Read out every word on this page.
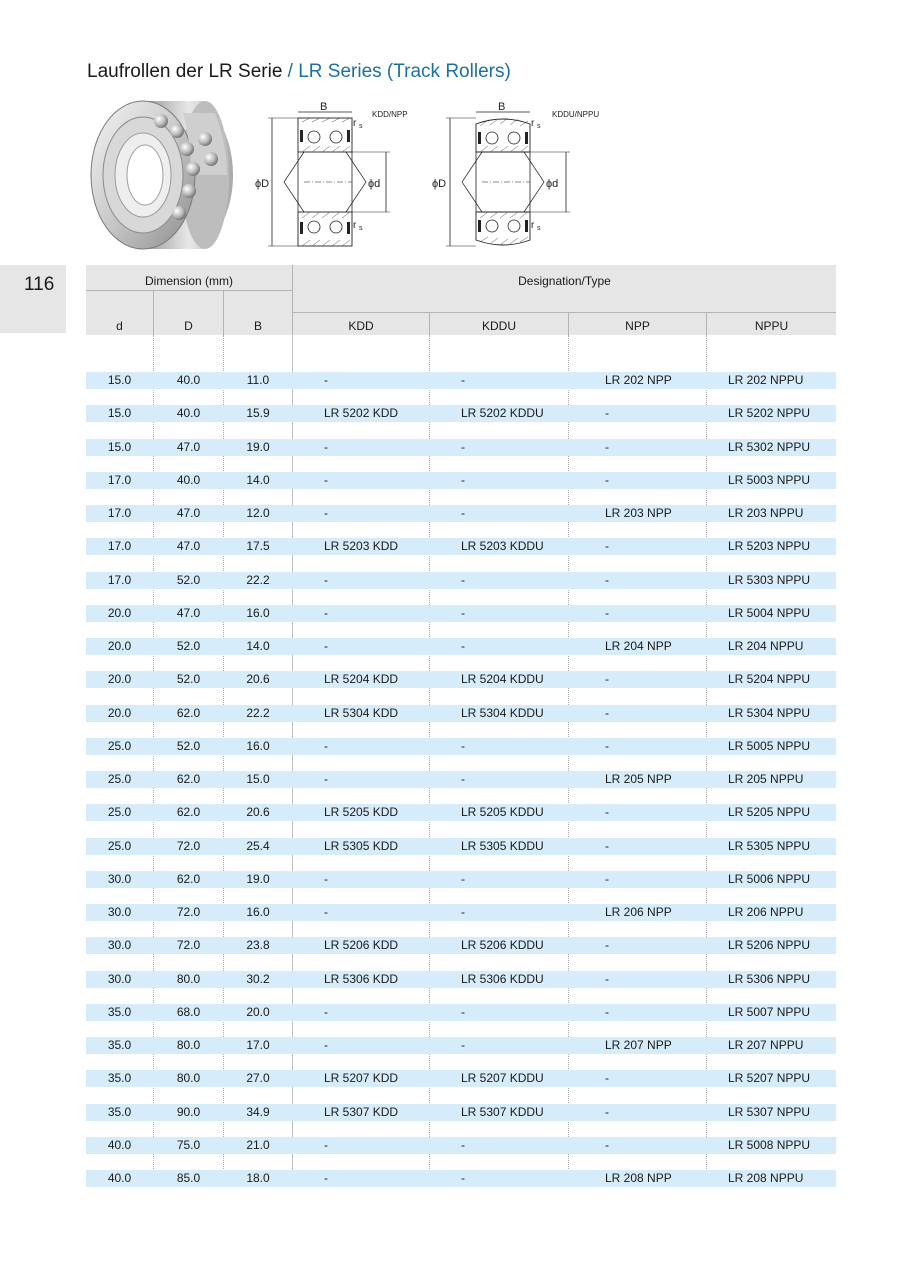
Laufrollen der LR Serie / LR Series (Track Rollers)
116
ϕD
B
r s
KDD/NPP
r s
ϕd	ϕD
B
r s
KDDU/NPPU
r s
ϕd
Dimension (mm)	Designation/Type
d	D	B	KDD	KDDU	NPP	NPPU
15.0	40.0	11.0	-	-	LR 202 NPP	LR 202 NPPU
15.0	40.0	15.9	LR 5202 KDD	LR 5202 KDDU	-	LR 5202 NPPU
15.0	47.0	19.0	-	-	-	LR 5302 NPPU
17.0	40.0	14.0	-	-	-	LR 5003 NPPU
17.0	47.0	12.0	-	-	LR 203 NPP	LR 203 NPPU
17.0	47.0	17.5	LR 5203 KDD	LR 5203 KDDU	-	LR 5203 NPPU
17.0	52.0	22.2	-	-	-	LR 5303 NPPU
20.0	47.0	16.0	-	-	-	LR 5004 NPPU
20.0	52.0	14.0	-	-	LR 204 NPP	LR 204 NPPU
20.0	52.0	20.6	LR 5204 KDD	LR 5204 KDDU	-	LR 5204 NPPU
20.0	62.0	22.2	LR 5304 KDD	LR 5304 KDDU	-	LR 5304 NPPU
25.0	52.0	16.0	-	-	-	LR 5005 NPPU
25.0	62.0	15.0	-	-	LR 205 NPP	LR 205 NPPU
25.0	62.0	20.6	LR 5205 KDD	LR 5205 KDDU	-	LR 5205 NPPU
25.0	72.0	25.4	LR 5305 KDD	LR 5305 KDDU	-	LR 5305 NPPU
30.0	62.0	19.0	-	-	-	LR 5006 NPPU
30.0	72.0	16.0	-	-	LR 206 NPP	LR 206 NPPU
30.0	72.0	23.8	LR 5206 KDD	LR 5206 KDDU	-	LR 5206 NPPU
30.0	80.0	30.2	LR 5306 KDD	LR 5306 KDDU	-	LR 5306 NPPU
35.0	68.0	20.0	-	-	-	LR 5007 NPPU
35.0	80.0	17.0	-	-	LR 207 NPP	LR 207 NPPU
35.0	80.0	27.0	LR 5207 KDD	LR 5207 KDDU	-	LR 5207 NPPU
35.0	90.0	34.9	LR 5307 KDD	LR 5307 KDDU	-	LR 5307 NPPU
40.0	75.0	21.0	-	-	-	LR 5008 NPPU
40.0	85.0	18.0	-	-	LR 208 NPP	LR 208 NPPU
